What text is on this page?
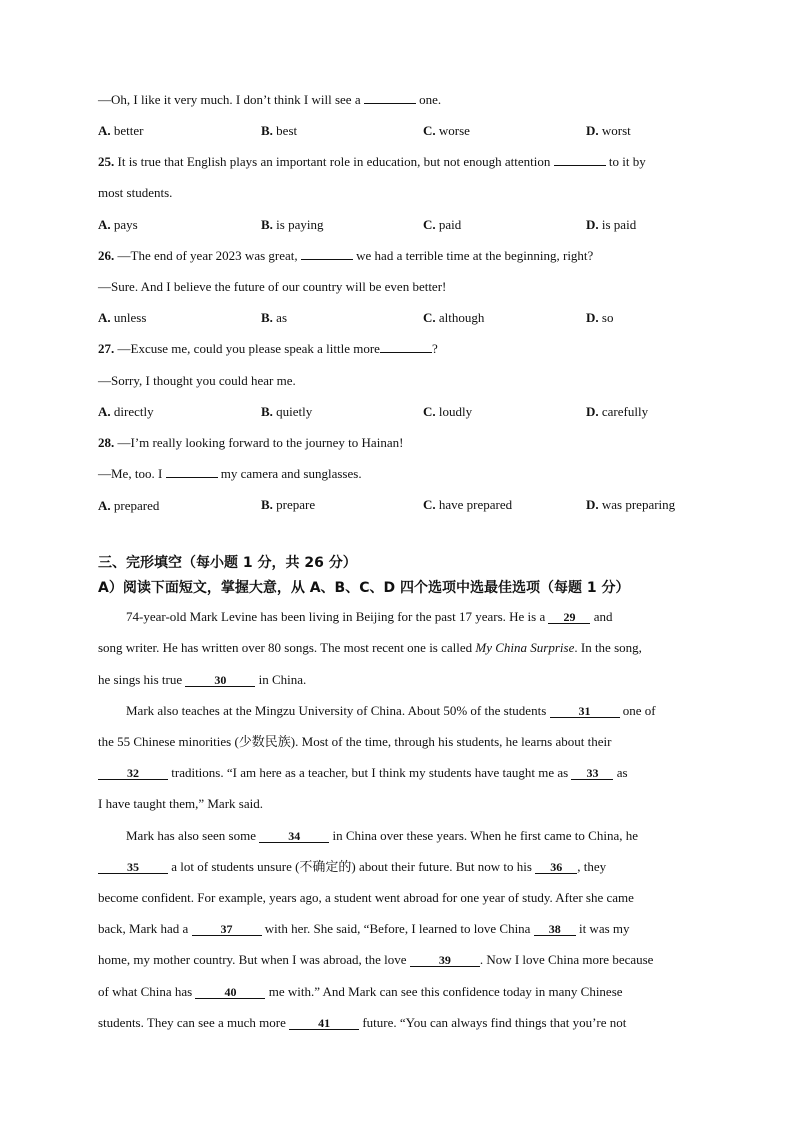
—Oh, I like it very much. I don’t think I will see a	one.
A. better	B. best	C. worse	D. worst
25. It is true that English plays an important role in education, but not enough attention	to it by
most students.
A. pays	B. is paying	C. paid	D. is paid
26. —The end of year 2023 was great,	we had a terrible time at the beginning, right?
—Sure. And I believe the future of our country will be even better!
A. unless	B. as	C. although	D. so
27. —Excuse me, could you please speak a little more	?
—Sorry, I thought you could hear me.
A. directly	B. quietly	C. loudly	D. carefully
28. —I’m really looking forward to the journey to Hainan!
—Me, too. I	my camera and sunglasses.
A. prepared	B. prepare	C. have prepared	D. was preparing
三、完形填空（每小题 1 分，共 26 分）
A）阅读下面短文，掌握大意，从 A、B、C、D 四个选项中选最佳选项（每题 1 分）
74-year-old Mark Levine has been living in Beijing for the past 17 years. He is a 29 and
song writer. He has written over 80 songs. The most recent one is called My China Surprise. In the song,
he sings his true	30 in China.
Mark also teaches at the Mingzu University of China. About 50% of the students	31 one of
the 55 Chinese minorities (少数民族). Most of the time, through his students, he learns about their
32 traditions. “I am here as a teacher, but I think my students have taught me as 33 as
I have taught them,” Mark said.
Mark has also seen some	34 in China over these years. When he first came to China, he
35 a lot of students unsure (不确定的) about their future. But now to his 36 , they
become confident. For example, years ago, a student went abroad for one year of study. After she came
back, Mark had a	37 with her. She said, “Before, I learned to love China 38 it was my
home, my mother country. But when I was abroad, the love	39 . Now I love China more because
of what China has	40 me with.” And Mark can see this confidence today in many Chinese
students. They can see a much more	41 future. “You can always find things that you’re not
